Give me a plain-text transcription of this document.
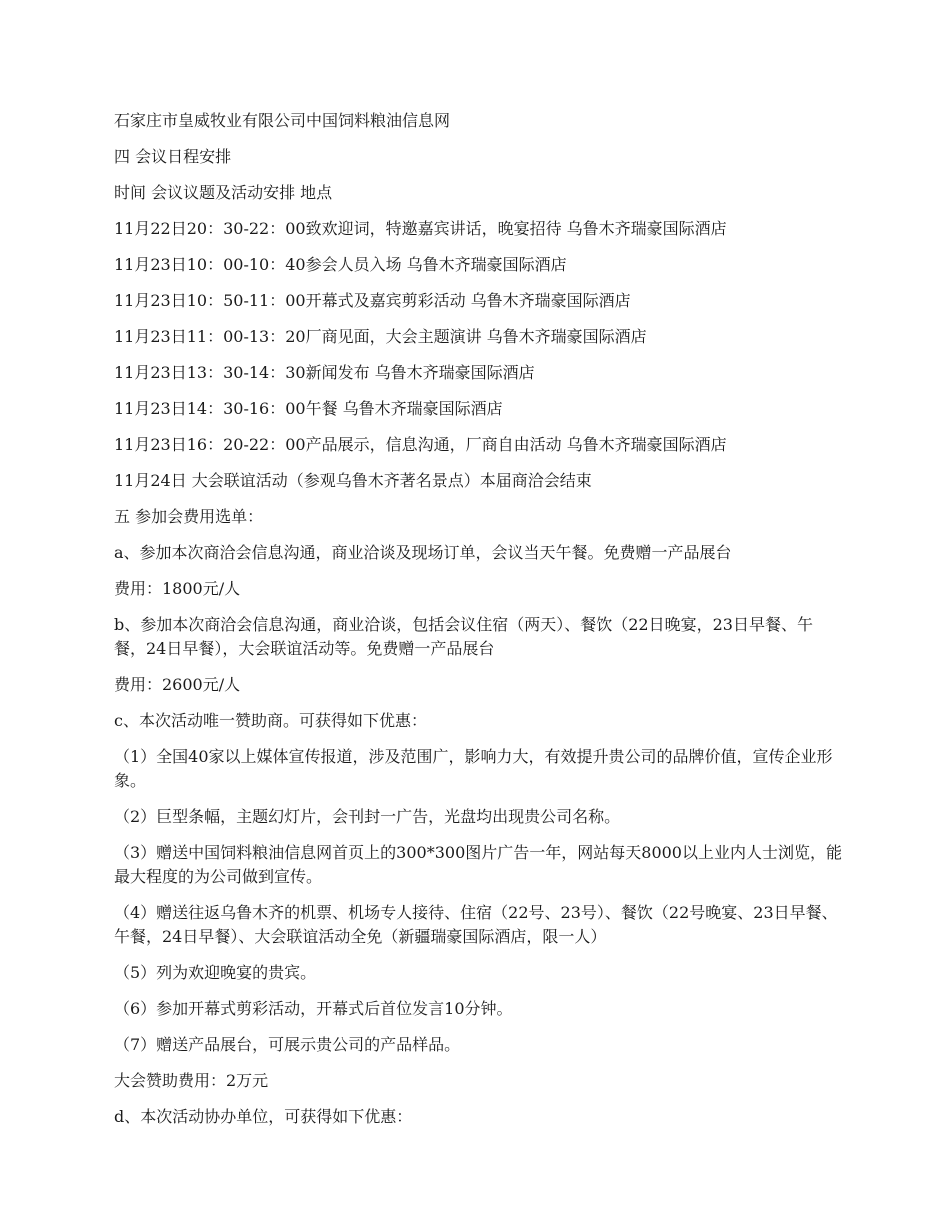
石家庄市皇威牧业有限公司中国饲料粮油信息网

四 会议日程安排

时间 会议议题及活动安排 地点

11月22日20：30-22：00致欢迎词，特邀嘉宾讲话，晚宴招待 乌鲁木齐瑞豪国际酒店

11月23日10：00-10：40参会人员入场 乌鲁木齐瑞豪国际酒店

11月23日10：50-11：00开幕式及嘉宾剪彩活动 乌鲁木齐瑞豪国际酒店

11月23日11：00-13：20厂商见面，大会主题演讲 乌鲁木齐瑞豪国际酒店

11月23日13：30-14：30新闻发布 乌鲁木齐瑞豪国际酒店

11月23日14：30-16：00午餐 乌鲁木齐瑞豪国际酒店

11月23日16：20-22：00产品展示，信息沟通，厂商自由活动 乌鲁木齐瑞豪国际酒店

11月24日 大会联谊活动（参观乌鲁木齐著名景点）本届商洽会结束

五 参加会费用选单：

a、参加本次商洽会信息沟通，商业洽谈及现场订单，会议当天午餐。免费赠一产品展台

费用：1800元/人

b、参加本次商洽会信息沟通，商业洽谈，包括会议住宿（两天）、餐饮（22日晚宴，23日早餐、午餐，24日早餐），大会联谊活动等。免费赠一产品展台

费用：2600元/人

c、本次活动唯一赞助商。可获得如下优惠：

（1）全国40家以上媒体宣传报道，涉及范围广，影响力大，有效提升贵公司的品牌价值，宣传企业形象。

（2）巨型条幅，主题幻灯片，会刊封一广告，光盘均出现贵公司名称。

（3）赠送中国饲料粮油信息网首页上的300*300图片广告一年，网站每天8000以上业内人士浏览，能最大程度的为公司做到宣传。

（4）赠送往返乌鲁木齐的机票、机场专人接待、住宿（22号、23号）、餐饮（22号晚宴、23日早餐、午餐，24日早餐）、大会联谊活动全免（新疆瑞豪国际酒店，限一人）

（5）列为欢迎晚宴的贵宾。

（6）参加开幕式剪彩活动，开幕式后首位发言10分钟。

（7）赠送产品展台，可展示贵公司的产品样品。

大会赞助费用：2万元

d、本次活动协办单位，可获得如下优惠：
